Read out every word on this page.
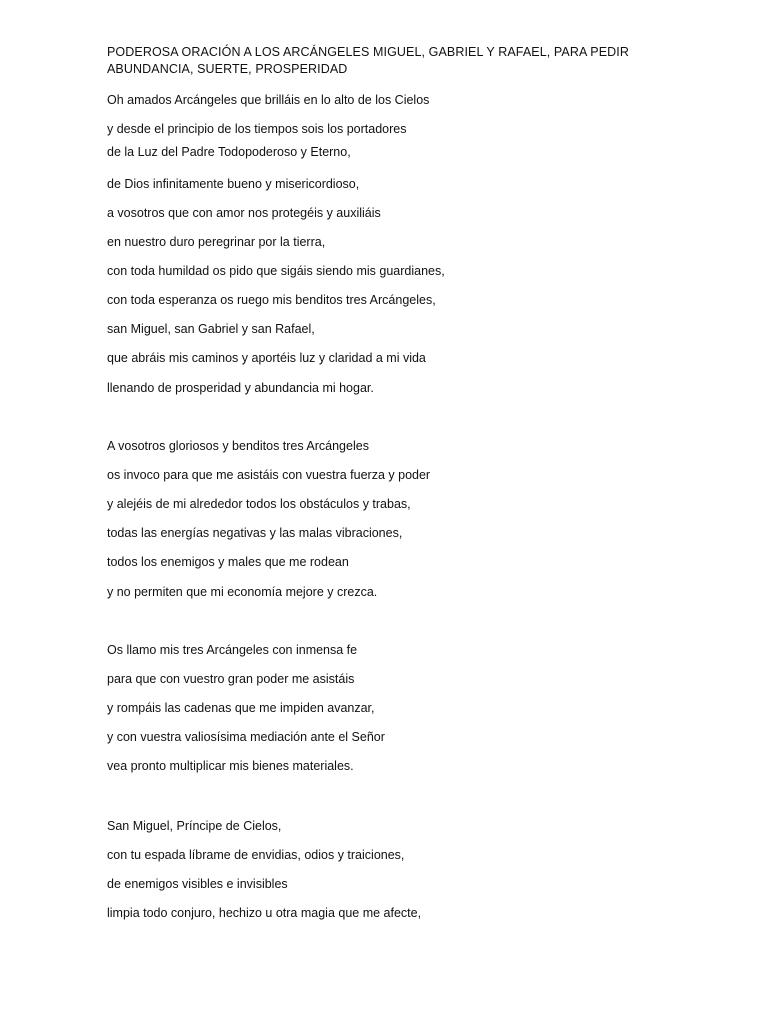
PODEROSA ORACIÓN A LOS ARCÁNGELES MIGUEL, GABRIEL Y RAFAEL, PARA PEDIR ABUNDANCIA, SUERTE, PROSPERIDAD

Oh amados Arcángeles que brilláis en lo alto de los Cielos

y desde el principio de los tiempos sois los portadores

de la Luz del Padre Todopoderoso y Eterno,

de Dios infinitamente bueno y misericordioso,

a vosotros que con amor nos protegéis y auxiliáis

en nuestro duro peregrinar por la tierra,

con toda humildad os pido que sigáis siendo mis guardianes,

con toda esperanza os ruego mis benditos tres Arcángeles,

san Miguel, san Gabriel y san Rafael,

que abráis mis caminos y aportéis luz y claridad a mi vida

llenando de prosperidad y abundancia mi hogar.

A vosotros gloriosos y benditos tres Arcángeles

os invoco para que me asistáis con vuestra fuerza y poder

y alejéis de mi alrededor todos los obstáculos y trabas,

todas las energías negativas y las malas vibraciones,

todos los enemigos y males que me rodean

y no permiten que mi economía mejore y crezca.

Os llamo mis tres Arcángeles con inmensa fe

para que con vuestro gran poder me asistáis

y rompáis las cadenas que me impiden avanzar,

y con vuestra valiosísima mediación ante el Señor

vea pronto multiplicar mis bienes materiales.

San Miguel, Príncipe de Cielos,

con tu espada líbrame de envidias, odios y traiciones,

de enemigos visibles e invisibles

limpia todo conjuro, hechizo u otra magia que me afecte,
